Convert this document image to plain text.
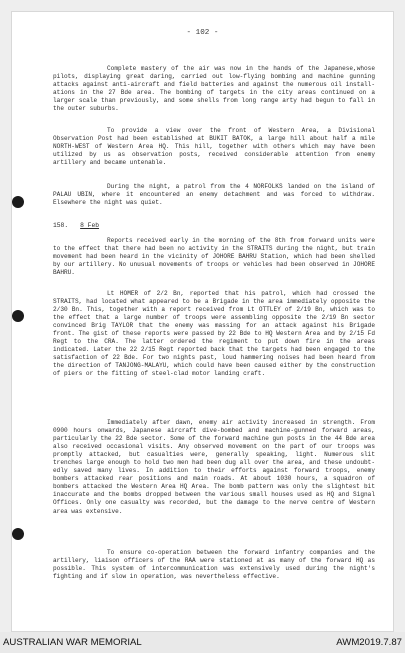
- 102 -

Complete mastery of the air was now in the hands of the Japanese,whose pilots, displaying great daring, carried out low-flying bombing and machine gunning attacks against anti-aircraft and field batteries and against the numerous oil install-ations in the 27 Bde area. The bombing of targets in the city areas continued on a larger scale than previously, and some shells from long range arty had begun to fall in the outer suburbs.

To provide a view over the front of Western Area, a Divisional Observation Post had been established at BUKIT BATOK, a large hill about half a mile NORTH-WEST of Western Area HQ. This hill, together with others which may have been utilized by us as observation posts, received considerable attention from enemy artillery and became untenable.

During the night, a patrol from the 4 NORFOLKS landed on the island of PALAU UBIN, where it encountered an enemy detachment and was forced to withdraw. Elsewhere the night was quiet.

158. 8 Feb

Reports received early in the morning of the 8th from forward units were to the effect that there had been no activity in the STRAITS during the night, but train movement had been heard in the vicinity of JOHORE BAHRU Station, which had been shelled by our artillery. No unusual movements of troops or vehicles had been observed in JOHORE BAHRU.

Lt HOMER of 2/2 Bn, reported that his patrol, which had crossed the STRAITS, had located what appeared to be a Brigade in the area immediately opposite the 2/30 Bn. This, together with a report received from Lt OTTLEY of 2/19 Bn, which was to the effect that a large number of troops were assembling opposite the 2/19 Bn sector convinced Brig TAYLOR that the enemy was massing for an attack against his Brigade front. The gist of these reports were passed by 22 Bde to HQ Western Area and by 2/15 Fd Regt to the CRA. The latter ordered the regiment to put down fire in the areas indicated. Later the 22 2/15 Regt reported back that the targets had been engaged to the satisfaction of 22 Bde. For two nights past, loud hammering noises had been heard from the direction of TANJONG-MALAYU, which could have been caused either by the construction of piers or the fitting of steel-clad motor landing craft.

Immediately after dawn, enemy air activity increased in strength. From 0900 hours onwards, Japanese aircraft dive-bombed and machine-gunned forward areas, particularly the 22 Bde sector. Some of the forward machine gun posts in the 44 Bde area also received occasional visits. Any observed movement on the part of our troops was promptly attacked, but casualties were, generally speaking, light. Numerous slit trenches large enough to hold two men had been dug all over the area, and these undoubt-edly saved many lives. In addition to their efforts against forward troops, enemy bombers attacked rear positions and main roads. At about 1030 hours, a squadron of bombers attacked the Western Area HQ Area. The bomb pattern was only the slightest bit inaccurate and the bombs dropped between the various small houses used as HQ and Signal Offices. Only one casualty was recorded, but the damage to the nerve centre of Western area was extensive.

To ensure co-operation between the forward infantry companies and the artillery, liaison officers of the RAA were stationed at as many of the forward HQ as possible. This system of intercommunication was extensively used during the night's fighting and if slow in operation, was nevertheless effective.

AUSTRALIAN WAR MEMORIAL	AWM2019.7.87
